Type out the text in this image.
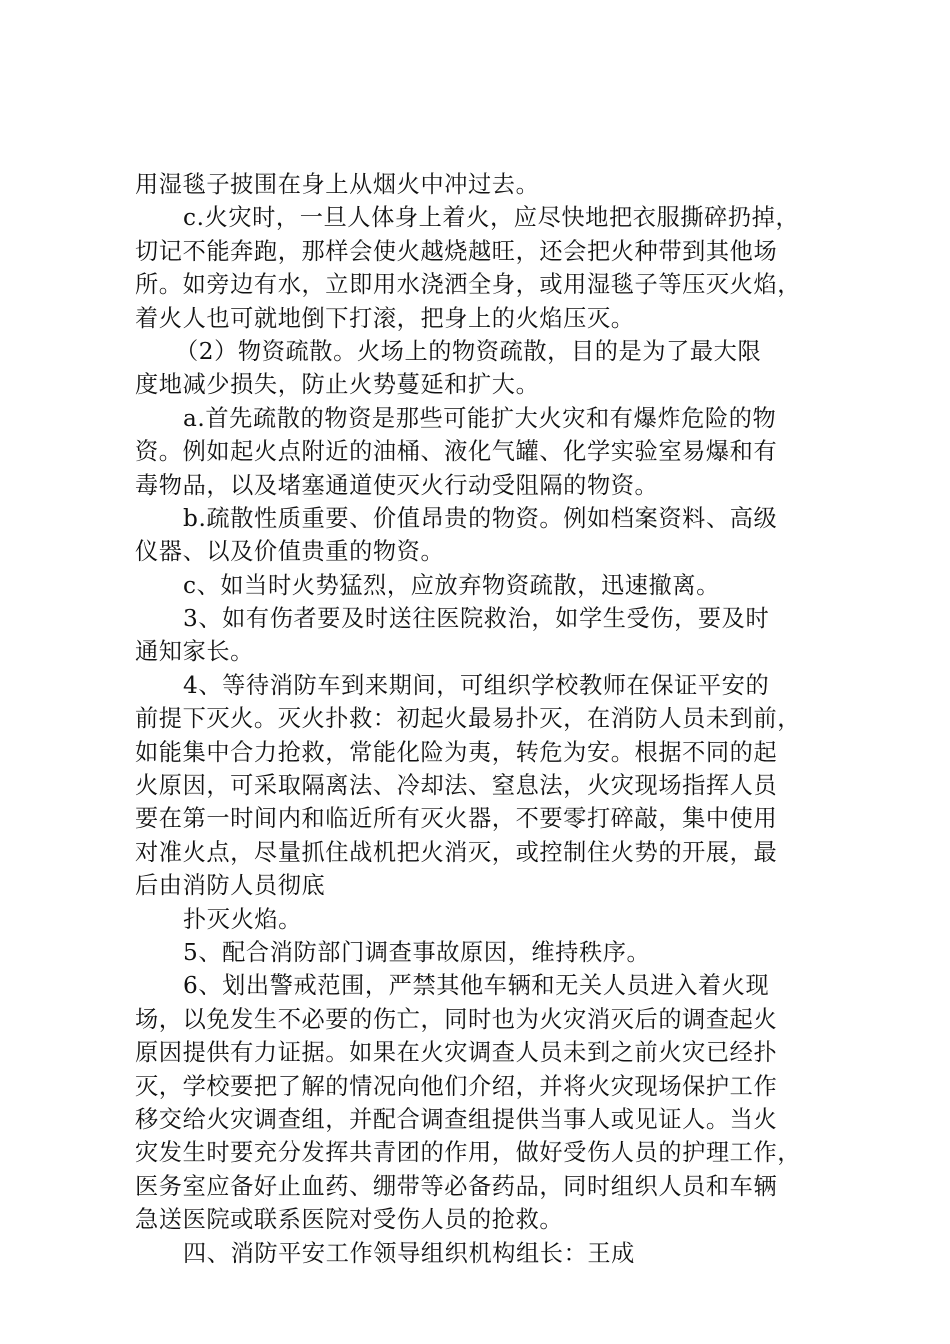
用湿毯子披围在身上从烟火中冲过去。
c.火灾时，一旦人体身上着火，应尽快地把衣服撕碎扔掉，
切记不能奔跑，那样会使火越烧越旺，还会把火种带到其他场
所。如旁边有水，立即用水浇洒全身，或用湿毯子等压灭火焰，
着火人也可就地倒下打滚，把身上的火焰压灭。
（2）物资疏散。火场上的物资疏散，目的是为了最大限
度地减少损失，防止火势蔓延和扩大。
a.首先疏散的物资是那些可能扩大火灾和有爆炸危险的物
资。例如起火点附近的油桶、液化气罐、化学实验室易爆和有
毒物品，以及堵塞通道使灭火行动受阻隔的物资。
b.疏散性质重要、价值昂贵的物资。例如档案资料、高级
仪器、以及价值贵重的物资。
c、如当时火势猛烈，应放弃物资疏散，迅速撤离。
3、如有伤者要及时送往医院救治，如学生受伤，要及时
通知家长。
4、等待消防车到来期间，可组织学校教师在保证平安的
前提下灭火。灭火扑救：初起火最易扑灭，在消防人员未到前，
如能集中合力抢救，常能化险为夷，转危为安。根据不同的起
火原因，可采取隔离法、冷却法、窒息法，火灾现场指挥人员
要在第一时间内和临近所有灭火器，不要零打碎敲，集中使用
对准火点，尽量抓住战机把火消灭，或控制住火势的开展，最
后由消防人员彻底
扑灭火焰。
5、配合消防部门调查事故原因，维持秩序。
6、划出警戒范围，严禁其他车辆和无关人员进入着火现
场，以免发生不必要的伤亡，同时也为火灾消灭后的调查起火
原因提供有力证据。如果在火灾调查人员未到之前火灾已经扑
灭，学校要把了解的情况向他们介绍，并将火灾现场保护工作
移交给火灾调查组，并配合调查组提供当事人或见证人。当火
灾发生时要充分发挥共青团的作用，做好受伤人员的护理工作，
医务室应备好止血药、绷带等必备药品，同时组织人员和车辆
急送医院或联系医院对受伤人员的抢救。
四、消防平安工作领导组织机构组长：王成
